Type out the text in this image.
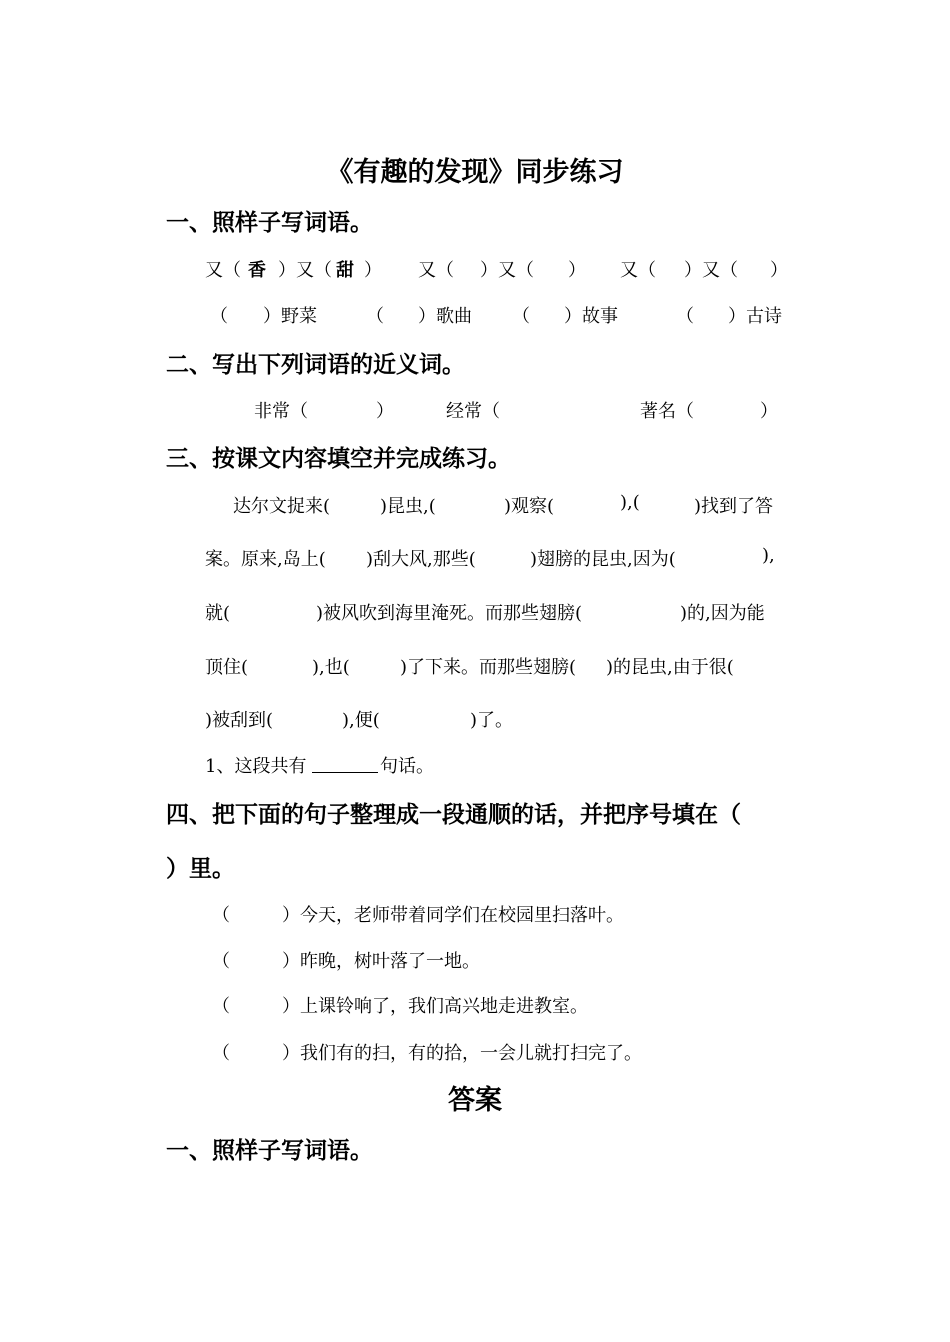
《有趣的发现》同步练习
一、照样子写词语。
又（ 香 ）又（ 甜 ） 又（ ）又（ ） 又（ ）又（ ）
（ ）野菜	（ ）歌曲 （ ）故事	（ ）古诗
二、写出下列词语的近义词。
非常（	）	经常（	著名（	）
三、按课文内容填空并完成练习。
达尔文捉来(	)昆虫,(	)观察(	),(	)找到了答
案。原来,岛上( )刮大风,那些(	)翅膀的昆虫,因为(	),
就(	)被风吹到海里淹死。而那些翅膀(	)的,因为能
顶住(	),也(	)了下来。而那些翅膀( )的昆虫,由于很(
)被刮到(	),便(	)了。
1、这段共有	句话。
四、把下面的句子整理成一段通顺的话，并把序号填在（
）里。
（	）今天，老师带着同学们在校园里扫落叶。
（	）昨晚，树叶落了一地。
（	）上课铃响了，我们高兴地走进教室。
（	）我们有的扫，有的拾，一会儿就打扫完了。
答案
一、照样子写词语。
